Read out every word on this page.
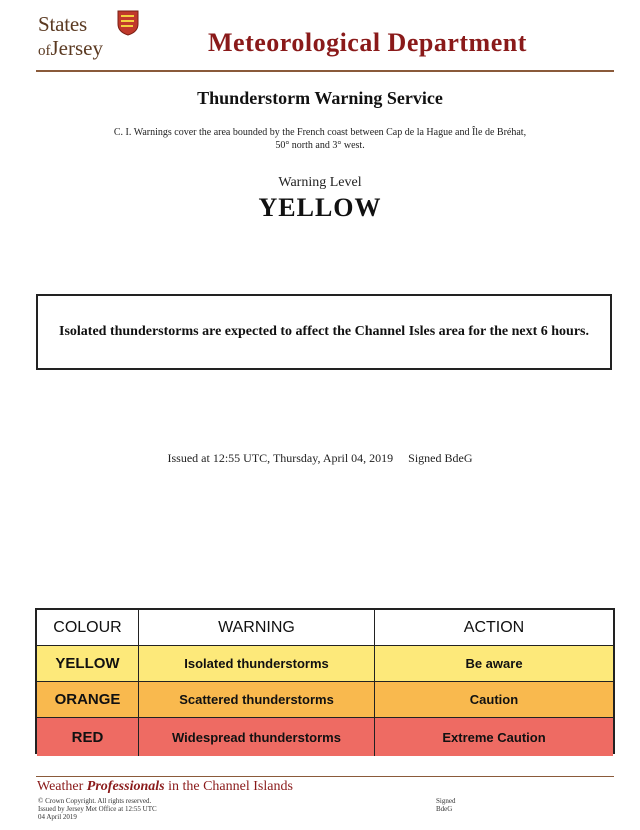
States
ofJersey	Meteorological Department
Thunderstorm Warning Service
C. I. Warnings cover the area bounded by the French coast between Cap de la Hague and Île de Bréhat,
50° north and 3° west.
Warning Level
YELLOW
Isolated thunderstorms are expected to affect the Channel Isles area for the next 6 hours.
Issued at 12:55 UTC, Thursday, April 04, 2019     Signed BdeG
COLOUR	WARNING	ACTION
YELLOW	Isolated thunderstorms	Be aware
ORANGE	Scattered thunderstorms	Caution
RED	Widespread thunderstorms	Extreme Caution
Weather Professionals in the Channel Islands
© Crown Copyright. All rights reserved.
Issued by Jersey Met Office at 12:55 UTC
04 April 2019
Signed
BdeG
